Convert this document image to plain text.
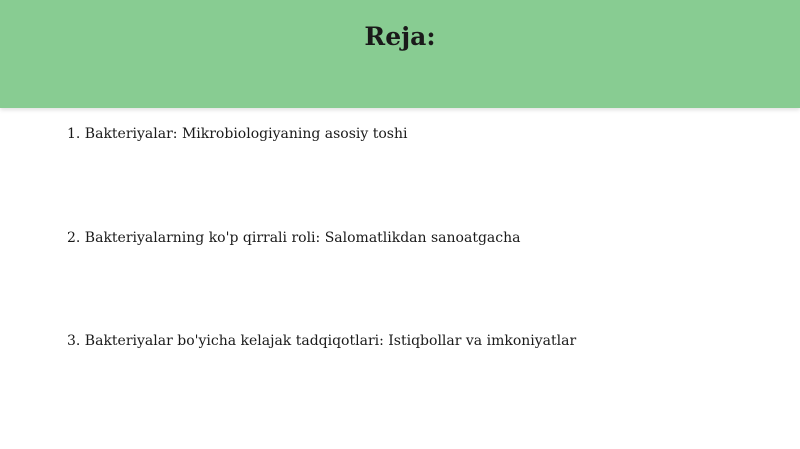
Reja:
1. Bakteriyalar: Mikrobiologiyaning asosiy toshi
2. Bakteriyalarning ko'p qirrali roli: Salomatlikdan sanoatgacha
3. Bakteriyalar bo'yicha kelajak tadqiqotlari: Istiqbollar va imkoniyatlar
